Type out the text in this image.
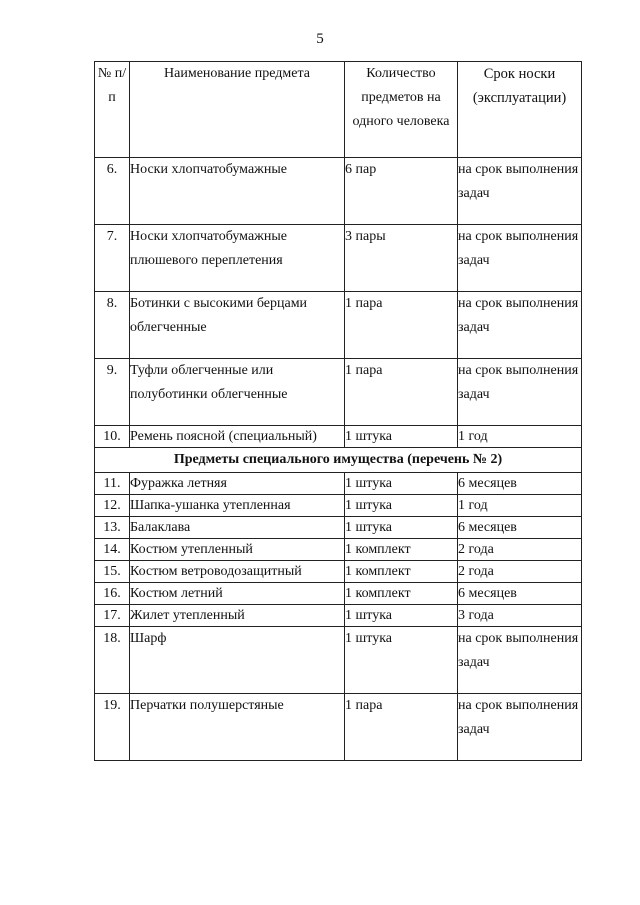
5
№ п/п	Наименование предмета	Количество предметов на одного человека	Срок носки (эксплуатации)
6.	Носки хлопчатобумажные	6 пар	на срок выполнения задач
7.	Носки хлопчатобумажные плюшевого переплетения	3 пары	на срок выполнения задач
8.	Ботинки с высокими берцами облегченные	1 пара	на срок выполнения задач
9.	Туфли облегченные или полуботинки облегченные	1 пара	на срок выполнения задач
10.	Ремень поясной (специальный)	1 штука	1 год
Предметы специального имущества (перечень № 2)			
11.	Фуражка летняя	1 штука	6 месяцев
12.	Шапка-ушанка утепленная	1 штука	1 год
13.	Балаклава	1 штука	6 месяцев
14.	Костюм утепленный	1 комплект	2 года
15.	Костюм ветроводозащитный	1 комплект	2 года
16.	Костюм летний	1 комплект	6 месяцев
17.	Жилет утепленный	1 штука	3 года
18.	Шарф	1 штука	на срок выполнения задач
19.	Перчатки полушерстяные	1 пара	на срок выполнения задач
